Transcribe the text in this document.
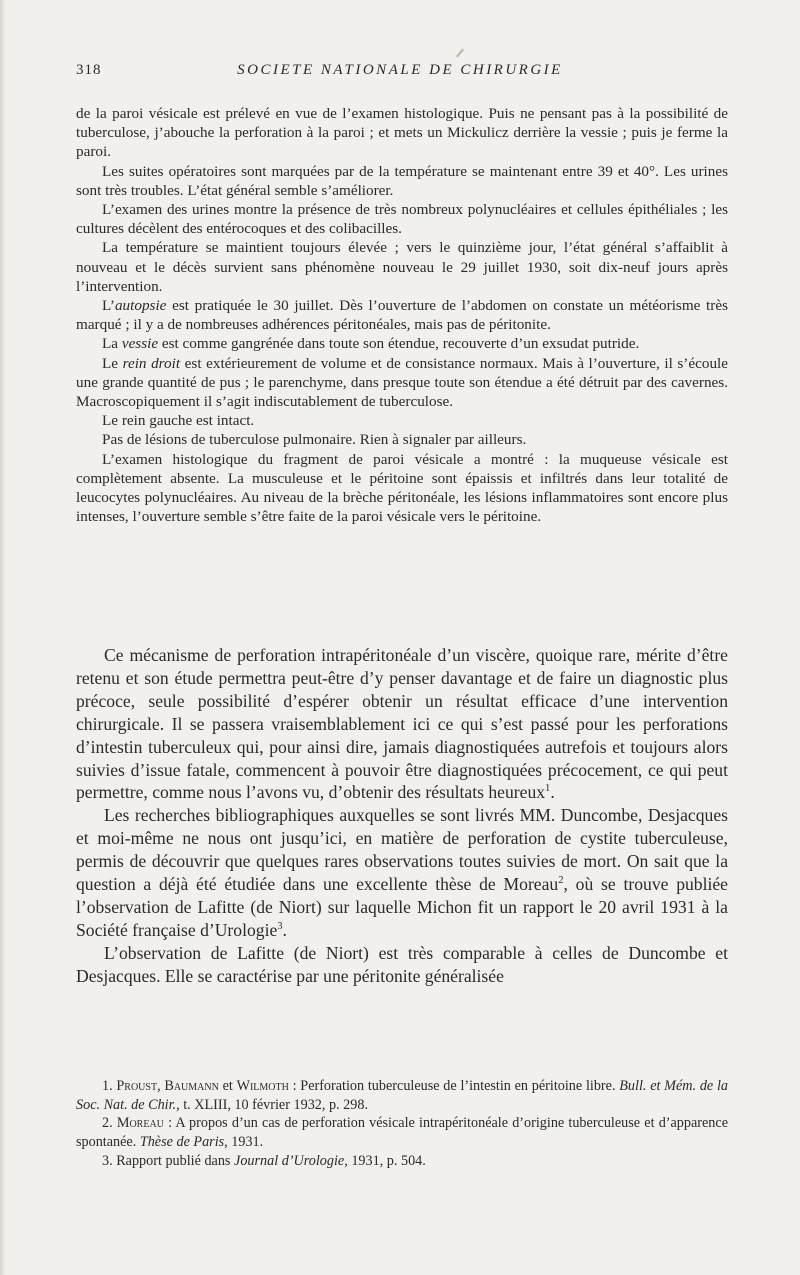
318	SOCIETE NATIONALE DE CHIRURGIE

de la paroi vésicale est prélevé en vue de l’examen histologique. Puis ne pensant pas à la possibilité de tuberculose, j’abouche la perforation à la paroi ; et mets un Mickulicz derrière la vessie ; puis je ferme la paroi.

Les suites opératoires sont marquées par de la température se maintenant entre 39 et 40°. Les urines sont très troubles. L’état général semble s’améliorer.

L’examen des urines montre la présence de très nombreux polynucléaires et cellules épithéliales ; les cultures décèlent des entérocoques et des colibacilles.

La température se maintient toujours élevée ; vers le quinzième jour, l’état général s’affaiblit à nouveau et le décès survient sans phénomène nouveau le 29 juillet 1930, soit dix-neuf jours après l’intervention.

L’autopsie est pratiquée le 30 juillet. Dès l’ouverture de l’abdomen on constate un météorisme très marqué ; il y a de nombreuses adhérences péritonéales, mais pas de péritonite.

La vessie est comme gangrénée dans toute son étendue, recouverte d’un exsudat putride.

Le rein droit est extérieurement de volume et de consistance normaux. Mais à l’ouverture, il s’écoule une grande quantité de pus ; le parenchyme, dans presque toute son étendue a été détruit par des cavernes. Macroscopiquement il s’agit indiscutablement de tuberculose.

Le rein gauche est intact.

Pas de lésions de tuberculose pulmonaire. Rien à signaler par ailleurs.

L’examen histologique du fragment de paroi vésicale a montré : la muqueuse vésicale est complètement absente. La musculeuse et le péritoine sont épaissis et infiltrés dans leur totalité de leucocytes polynucléaires. Au niveau de la brèche péritonéale, les lésions inflammatoires sont encore plus intenses, l’ouverture semble s’être faite de la paroi vésicale vers le péritoine.

Ce mécanisme de perforation intrapéritonéale d’un viscère, quoique rare, mérite d’être retenu et son étude permettra peut-être d’y penser davantage et de faire un diagnostic plus précoce, seule possibilité d’espérer obtenir un résultat efficace d’une intervention chirurgicale. Il se passera vraisemblablement ici ce qui s’est passé pour les perforations d’intestin tuberculeux qui, pour ainsi dire, jamais diagnostiquées autrefois et toujours alors suivies d’issue fatale, commencent à pouvoir être diagnostiquées précocement, ce qui peut permettre, comme nous l’avons vu, d’obtenir des résultats heureux$^1$.

Les recherches bibliographiques auxquelles se sont livrés MM. Duncombe, Desjacques et moi-même ne nous ont jusqu’ici, en matière de perforation de cystite tuberculeuse, permis de découvrir que quelques rares observations toutes suivies de mort. On sait que la question a déjà été étudiée dans une excellente thèse de Moreau$^2$, où se trouve publiée l’observation de Lafitte (de Niort) sur laquelle Michon fit un rapport le 20 avril 1931 à la Société française d’Urologie$^3$.

L’observation de Lafitte (de Niort) est très comparable à celles de Duncombe et Desjacques. Elle se caractérise par une péritonite généralisée

1. Proust, Baumann et Wilmoth : Perforation tuberculeuse de l’intestin en péritoine libre. Bull. et Mém. de la Soc. Nat. de Chir., t. XLIII, 10 février 1932, p. 298.

2. Moreau : A propos d’un cas de perforation vésicale intrapéritonéale d’origine tuberculeuse et d’apparence spontanée. Thèse de Paris, 1931.

3. Rapport publié dans Journal d’Urologie, 1931, p. 504.
